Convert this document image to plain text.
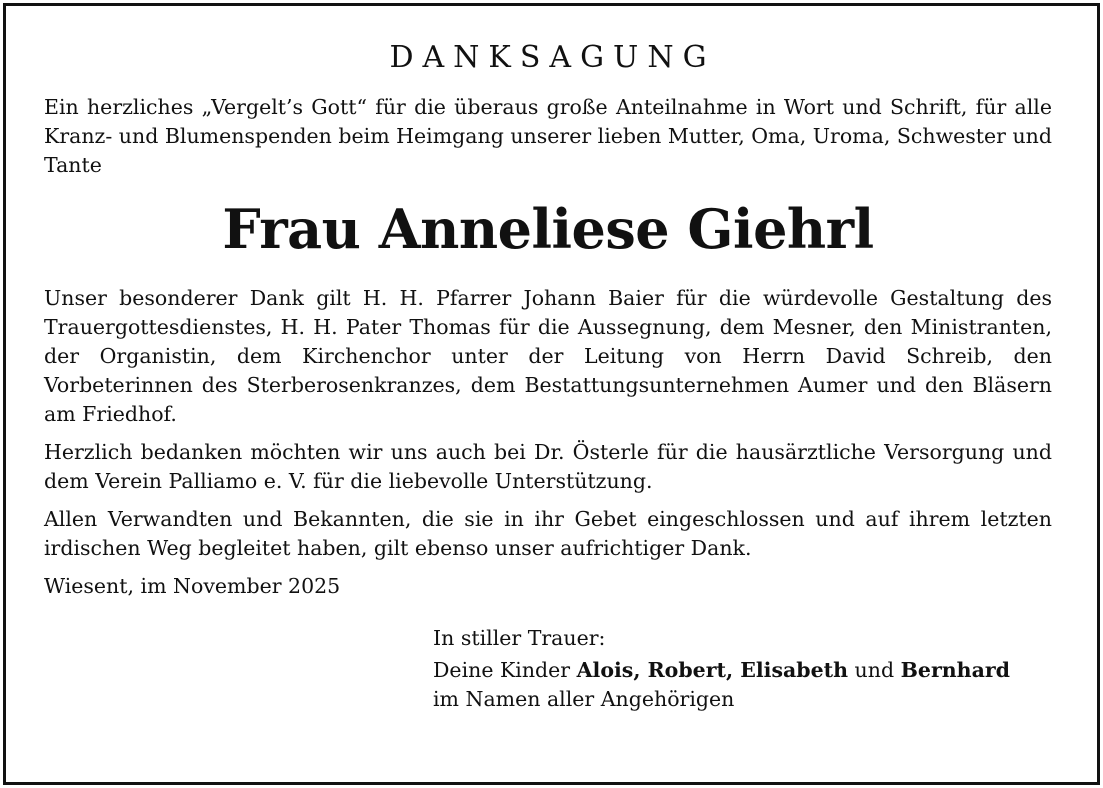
DANKSAGUNG

Ein herzliches „Vergelt’s Gott“ für die überaus große Anteilnahme in Wort und Schrift, für alle Kranz- und Blumenspenden beim Heimgang unserer lieben Mutter, Oma, Uroma, Schwester und Tante

Frau Anneliese Giehrl

Unser besonderer Dank gilt H. H. Pfarrer Johann Baier für die würdevolle Gestaltung des Trauergottesdienstes, H. H. Pater Thomas für die Aussegnung, dem Mesner, den Ministranten, der Organistin, dem Kirchenchor unter der Leitung von Herrn David Schreib, den Vorbeterinnen des Sterberosenkranzes, dem Bestattungsunternehmen Aumer und den Bläsern am Friedhof.

Herzlich bedanken möchten wir uns auch bei Dr. Österle für die hausärztliche Versorgung und dem Verein Palliamo e. V. für die liebevolle Unterstützung.

Allen Verwandten und Bekannten, die sie in ihr Gebet eingeschlossen und auf ihrem letzten irdischen Weg begleitet haben, gilt ebenso unser aufrichtiger Dank.

Wiesent, im November 2025

In stiller Trauer:
Deine Kinder Alois, Robert, Elisabeth und Bernhard
im Namen aller Angehörigen
